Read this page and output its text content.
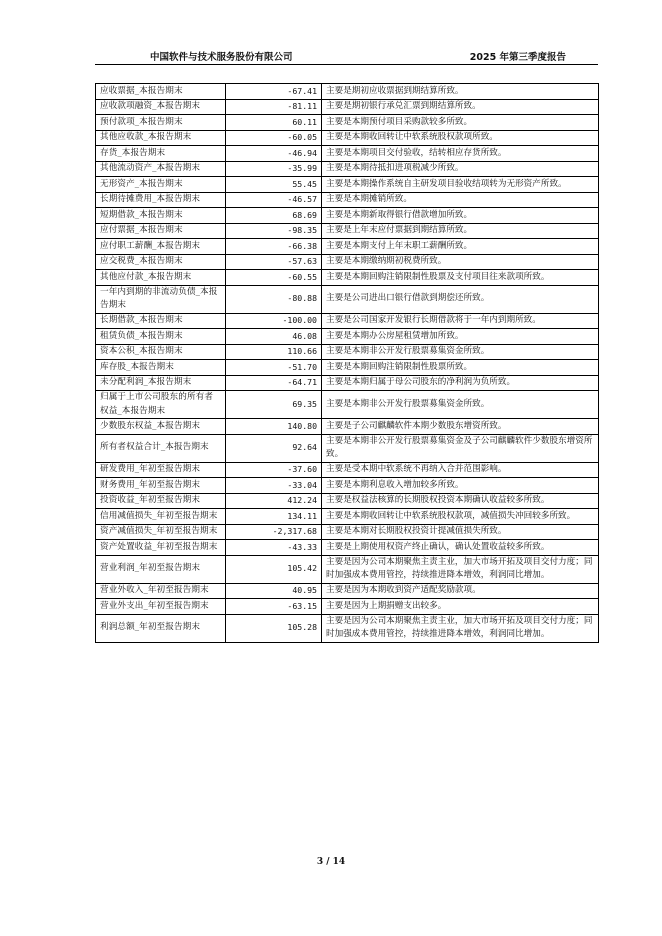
中国软件与技术服务股份有限公司	2025 年第三季度报告
应收票据_本报告期末	-67.41	主要是期初应收票据到期结算所致。
应收款项融资_本报告期末	-81.11	主要是期初银行承兑汇票到期结算所致。
预付款项_本报告期末	60.11	主要是本期预付项目采购款较多所致。
其他应收款_本报告期末	-60.05	主要是本期收回转让中软系统股权款项所致。
存货_本报告期末	-46.94	主要是本期项目交付验收，结转相应存货所致。
其他流动资产_本报告期末	-35.99	主要是本期待抵扣进项税减少所致。
无形资产_本报告期末	55.45	主要是本期操作系统自主研发项目验收结项转为无形资产所致。
长期待摊费用_本报告期末	-46.57	主要是本期摊销所致。
短期借款_本报告期末	68.69	主要是本期新取得银行借款增加所致。
应付票据_本报告期末	-98.35	主要是上年末应付票据到期结算所致。
应付职工薪酬_本报告期末	-66.38	主要是本期支付上年末职工薪酬所致。
应交税费_本报告期末	-57.63	主要是本期缴纳期初税费所致。
其他应付款_本报告期末	-60.55	主要是本期回购注销限制性股票及支付项目往来款项所致。
一年内到期的非流动负债_本报告期末	-80.88	主要是公司进出口银行借款到期偿还所致。
长期借款_本报告期末	-100.00	主要是公司国家开发银行长期借款将于一年内到期所致。
租赁负债_本报告期末	46.08	主要是本期办公房屋租赁增加所致。
资本公积_本报告期末	110.66	主要是本期非公开发行股票募集资金所致。
库存股_本报告期末	-51.70	主要是本期回购注销限制性股票所致。
未分配利润_本报告期末	-64.71	主要是本期归属于母公司股东的净利润为负所致。
归属于上市公司股东的所有者权益_本报告期末	69.35	主要是本期非公开发行股票募集资金所致。
少数股东权益_本报告期末	140.80	主要是子公司麒麟软件本期少数股东增资所致。
所有者权益合计_本报告期末	92.64	主要是本期非公开发行股票募集资金及子公司麒麟软件少数股东增资所致。
研发费用_年初至报告期末	-37.60	主要是受本期中软系统不再纳入合并范围影响。
财务费用_年初至报告期末	-33.04	主要是本期利息收入增加较多所致。
投资收益_年初至报告期末	412.24	主要是权益法核算的长期股权投资本期确认收益较多所致。
信用减值损失_年初至报告期末	134.11	主要是本期收回转让中软系统股权款项，减值损失冲回较多所致。
资产减值损失_年初至报告期末	-2,317.68	主要是本期对长期股权投资计提减值损失所致。
资产处置收益_年初至报告期末	-43.33	主要是上期使用权资产终止确认，确认处置收益较多所致。
营业利润_年初至报告期末	105.42	主要是因为公司本期聚焦主责主业，加大市场开拓及项目交付力度；同时加强成本费用管控，持续推进降本增效，利润同比增加。
营业外收入_年初至报告期末	40.95	主要是因为本期收到资产适配奖励款项。
营业外支出_年初至报告期末	-63.15	主要是因为上期捐赠支出较多。
利润总额_年初至报告期末	105.28	主要是因为公司本期聚焦主责主业，加大市场开拓及项目交付力度；同时加强成本费用管控，持续推进降本增效，利润同比增加。
3 / 14
